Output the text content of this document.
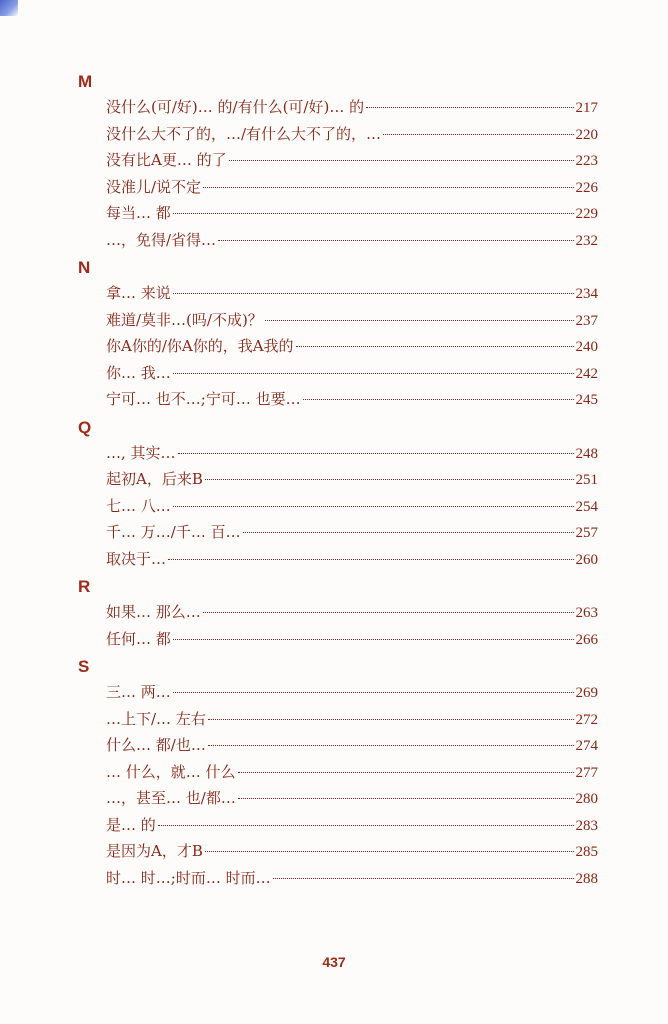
M
没什么(可/好)… 的/有什么(可/好)… 的	217
没什么大不了的，…/有什么大不了的，…	220
没有比A更… 的了	223
没准儿/说不定	226
每当… 都	229
…，免得/省得…	232
N
拿… 来说	234
难道/莫非…(吗/不成)？	237
你A你的/你A你的，我A我的	240
你… 我…	242
宁可… 也不…;宁可… 也要…	245
Q
…, 其实…	248
起初A，后来B	251
七… 八…	254
千… 万…/千… 百…	257
取决于…	260
R
如果… 那么…	263
任何… 都	266
S
三… 两…	269
…上下/… 左右	272
什么… 都/也…	274
… 什么，就… 什么	277
…，甚至… 也/都…	280
是… 的	283
是因为A，才B	285
时… 时…;时而… 时而…	288
437
